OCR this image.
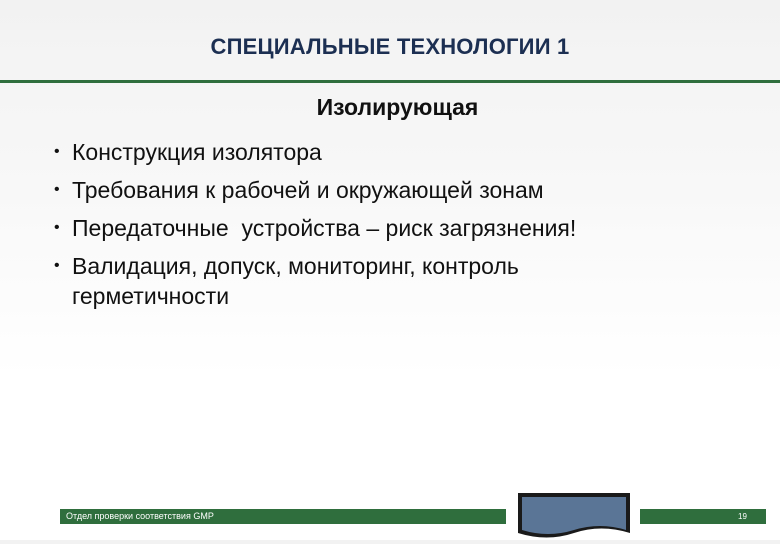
СПЕЦИАЛЬНЫЕ ТЕХНОЛОГИИ 1
Изолирующая
• Конструкция изолятора
• Требования к рабочей и окружающей зонам
• Передаточные  устройства – риск загрязнения!
• Валидация, допуск, мониторинг, контроль герметичности
Отдел проверки соответствия GMP	19
